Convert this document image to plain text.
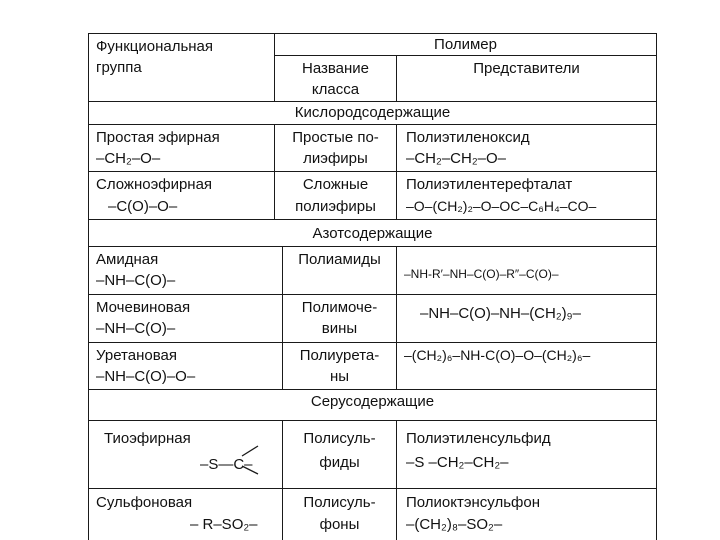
Функциональная
группа
Полимер
Название
класса
Представители
Кислородсодержащие
Азотсодержащие
Серусодержащие
Простая эфирная
–CH₂–O–
Простые по-
лиэфиры
Полиэтиленоксид
–CH₂–CH₂–O–
Сложноэфирная
–C(O)–O–
Сложные
полиэфиры
Полиэтилентерефталат
–O–(CH₂)₂–O–OC–C₆H₄–CO–
Амидная
–NH–C(O)–
Полиамиды
–NH-R′–NH–C(O)–R″–C(O)–
Мочевиновая
–NH–C(O)–
Полимоче-
вины
–NH–C(O)–NH–(CH₂)₉–
Уретановая
–NH–C(O)–O–
Полиурета-
ны
–(CH₂)₆–NH-C(O)–O–(CH₂)₆–
Тиоэфирная
–S—C–
Полисуль-
фиды
Полиэтиленсульфид
–S –CH₂–CH₂–
Сульфоновая
– R–SO₂–
Полисуль-
фоны
Полиоктэнсульфон
–(CH₂)₈–SO₂–
